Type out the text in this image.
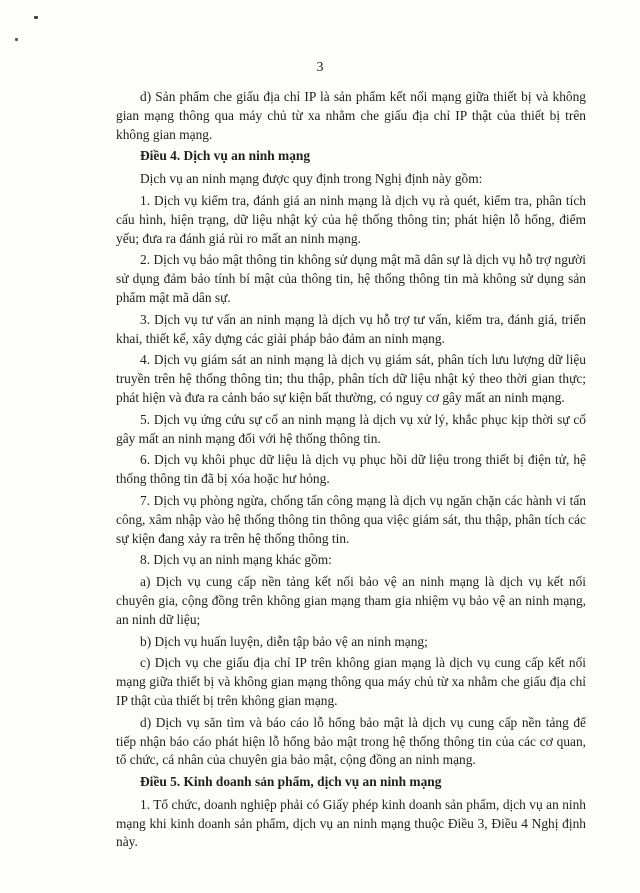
3
d) Sản phẩm che giấu địa chỉ IP là sản phẩm kết nối mạng giữa thiết bị và không gian mạng thông qua máy chủ từ xa nhằm che giấu địa chỉ IP thật của thiết bị trên không gian mạng.
Điều 4. Dịch vụ an ninh mạng
Dịch vụ an ninh mạng được quy định trong Nghị định này gồm:
1. Dịch vụ kiểm tra, đánh giá an ninh mạng là dịch vụ rà quét, kiểm tra, phân tích cấu hình, hiện trạng, dữ liệu nhật ký của hệ thống thông tin; phát hiện lỗ hổng, điểm yếu; đưa ra đánh giá rủi ro mất an ninh mạng.
2. Dịch vụ bảo mật thông tin không sử dụng mật mã dân sự là dịch vụ hỗ trợ người sử dụng đảm bảo tính bí mật của thông tin, hệ thống thông tin mà không sử dụng sản phẩm mật mã dân sự.
3. Dịch vụ tư vấn an ninh mạng là dịch vụ hỗ trợ tư vấn, kiểm tra, đánh giá, triển khai, thiết kế, xây dựng các giải pháp bảo đảm an ninh mạng.
4. Dịch vụ giám sát an ninh mạng là dịch vụ giám sát, phân tích lưu lượng dữ liệu truyền trên hệ thống thông tin; thu thập, phân tích dữ liệu nhật ký theo thời gian thực; phát hiện và đưa ra cảnh báo sự kiện bất thường, có nguy cơ gây mất an ninh mạng.
5. Dịch vụ ứng cứu sự cố an ninh mạng là dịch vụ xử lý, khắc phục kịp thời sự cố gây mất an ninh mạng đối với hệ thống thông tin.
6. Dịch vụ khôi phục dữ liệu là dịch vụ phục hồi dữ liệu trong thiết bị điện tử, hệ thống thông tin đã bị xóa hoặc hư hỏng.
7. Dịch vụ phòng ngừa, chống tấn công mạng là dịch vụ ngăn chặn các hành vi tấn công, xâm nhập vào hệ thống thông tin thông qua việc giám sát, thu thập, phân tích các sự kiện đang xảy ra trên hệ thống thông tin.
8. Dịch vụ an ninh mạng khác gồm:
a) Dịch vụ cung cấp nền tảng kết nối bảo vệ an ninh mạng là dịch vụ kết nối chuyên gia, cộng đồng trên không gian mạng tham gia nhiệm vụ bảo vệ an ninh mạng, an ninh dữ liệu;
b) Dịch vụ huấn luyện, diễn tập bảo vệ an ninh mạng;
c) Dịch vụ che giấu địa chỉ IP trên không gian mạng là dịch vụ cung cấp kết nối mạng giữa thiết bị và không gian mạng thông qua máy chủ từ xa nhằm che giấu địa chỉ IP thật của thiết bị trên không gian mạng.
d) Dịch vụ săn tìm và báo cáo lỗ hổng bảo mật là dịch vụ cung cấp nền tảng để tiếp nhận báo cáo phát hiện lỗ hổng bảo mật trong hệ thống thông tin của các cơ quan, tổ chức, cá nhân của chuyên gia bảo mật, cộng đồng an ninh mạng.
Điều 5. Kinh doanh sản phẩm, dịch vụ an ninh mạng
1. Tổ chức, doanh nghiệp phải có Giấy phép kinh doanh sản phẩm, dịch vụ an ninh mạng khi kinh doanh sản phẩm, dịch vụ an ninh mạng thuộc Điều 3, Điều 4 Nghị định này.
